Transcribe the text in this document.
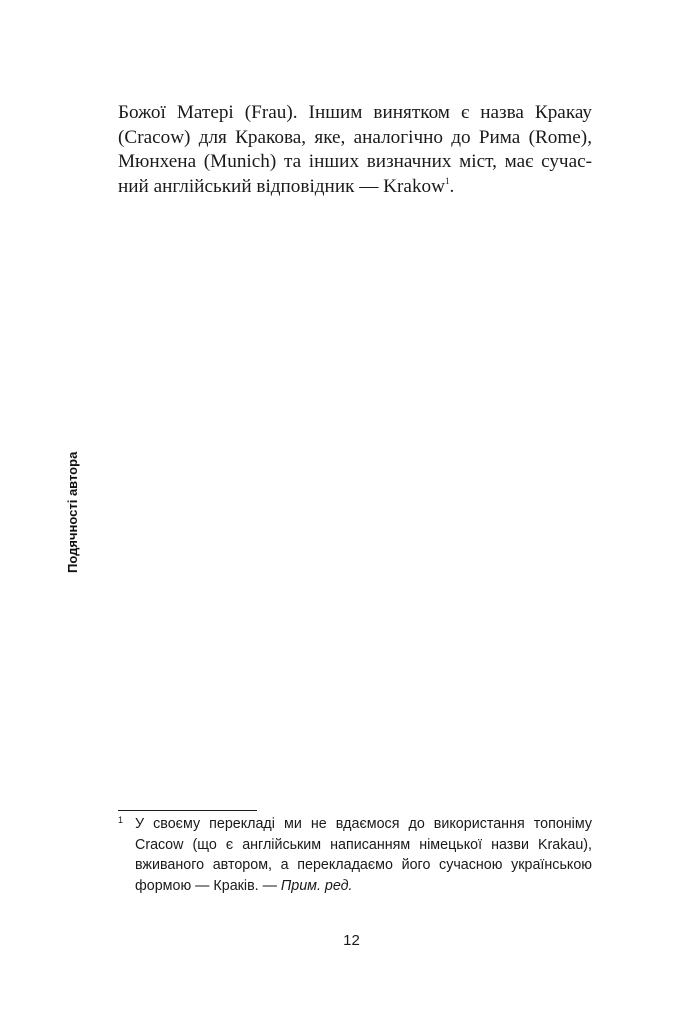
Божої Матері (Frau). Іншим винятком є назва Кракау
(Cracow) для Кракова, яке, аналогічно до Рима (Rome),
Мюнхена (Munich) та інших визначних міст, має сучас-
ний англійський відповідник — Krakow$^1$.
Подячності автора
1 У своєму перекладі ми не вдаємося до використання топоніму
Cracow (що є англійським написанням німецької назви Krakau),
вживаного автором, а перекладаємо його сучасною українською
формою — Краків. — Прим. ред.
12
